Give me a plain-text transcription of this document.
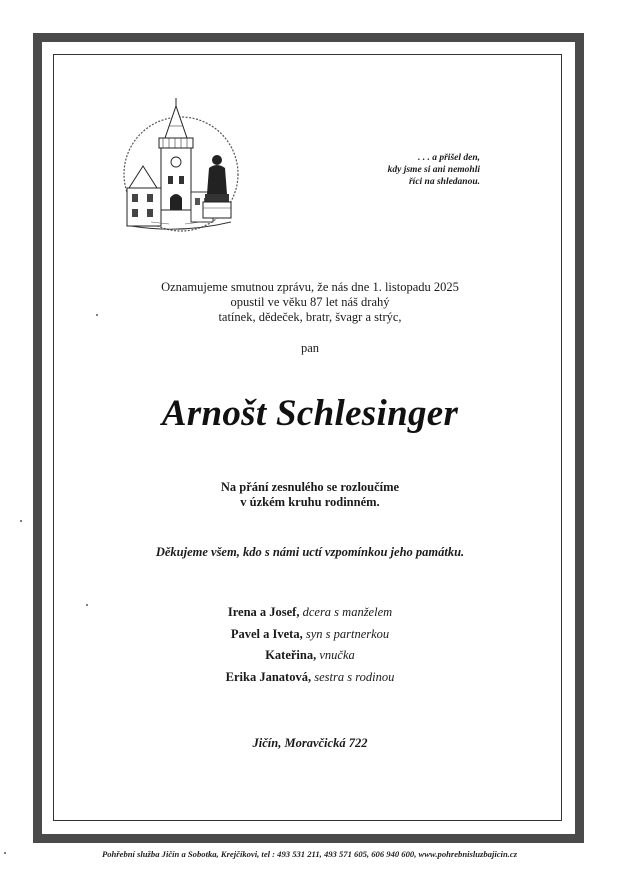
. . . a přišel den,
kdy jsme si ani nemohli
říci na shledanou.
Oznamujeme smutnou zprávu, že nás dne 1. listopadu 2025
opustil ve věku 87 let náš drahý
tatínek, dědeček, bratr, švagr a strýc,
pan
Arnošt Schlesinger
Na přání zesnulého se rozloučíme
v úzkém kruhu rodinném.
Děkujeme všem, kdo s námi uctí vzpomínkou jeho památku.
Irena a Josef, dcera s manželem
Pavel a Iveta, syn s partnerkou
Kateřina, vnučka
Erika Janatová, sestra s rodinou
Jičín, Moravčická 722
Pohřební služba Jičín a Sobotka, Krejčíkovi, tel : 493 531 211, 493 571 605, 606 940 600, www.pohrebnisluzbajicin.cz
